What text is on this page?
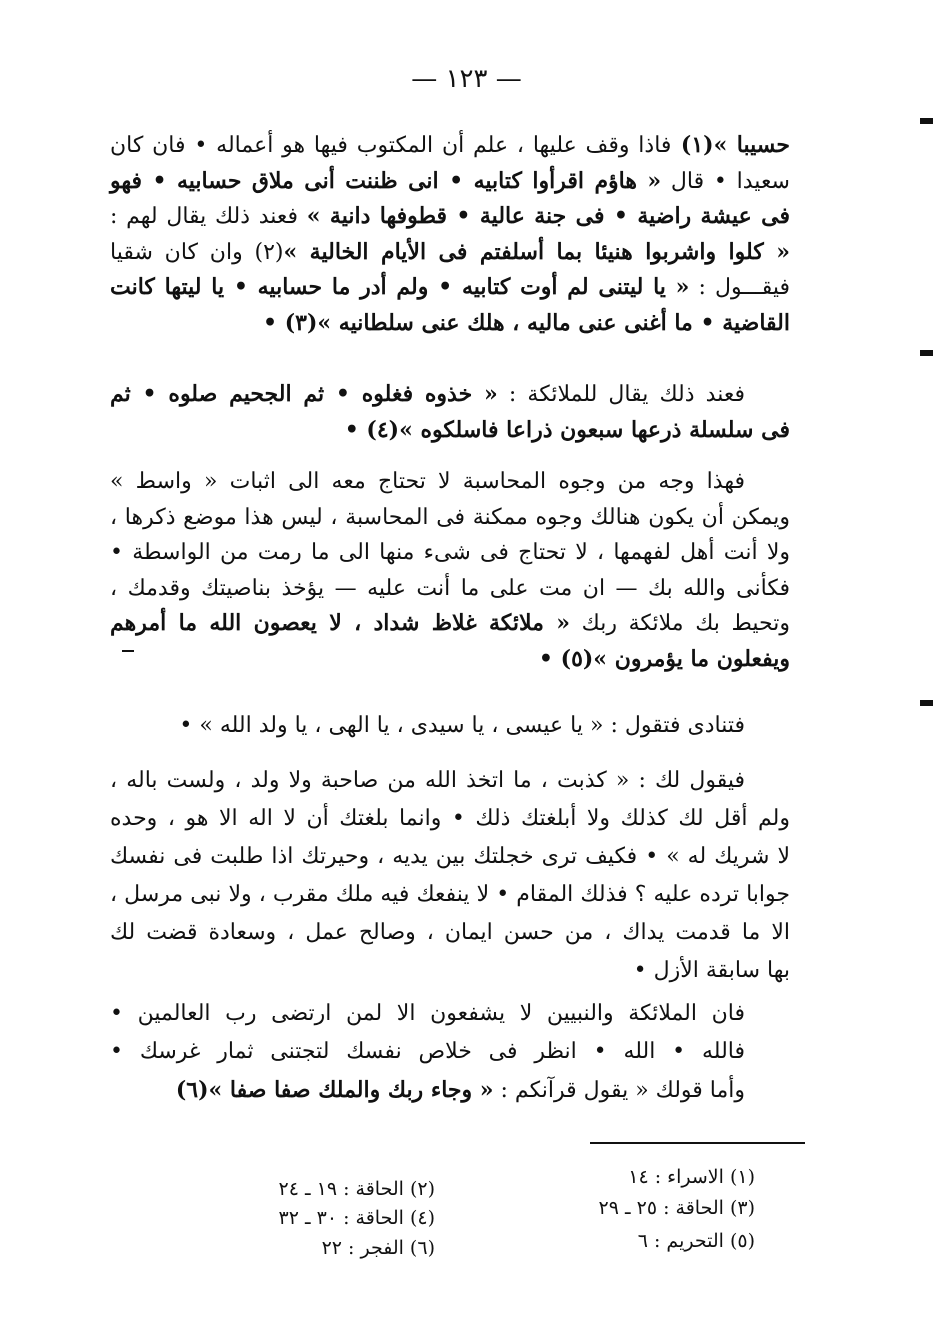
— ١٢٣ —
حسيبا »(١) فاذا وقف عليها ، علم أن المكتوب فيها هو أعماله • فان كان
سعيدا • قال « هاؤم اقرأوا كتابيه • انى ظننت أنى ملاق حسابيه • فهو
فى عيشة راضية • فى جنة عالية • قطوفها دانية » فعند ذلك يقال لهم :
« كلوا واشربوا هنيئا بما أسلفتم فى الأيام الخالية »(٢) وان كان شقيا
فيقـــول : « يا ليتنى لم أوت كتابيه • ولم أدر ما حسابيه • يا ليتها كانت
القاضية • ما أغنى عنى ماليه ، هلك عنى سلطانيه »(٣) •
فعند ذلك يقال للملائكة : « خذوه فغلوه • ثم الجحيم صلوه • ثم
فى سلسلة ذرعها سبعون ذراعا فاسلكوه »(٤) •
فهذا وجه من وجوه المحاسبة لا تحتاج معه الى اثبات « واسط »
ويمكن أن يكون هنالك وجوه ممكنة فى المحاسبة ، ليس هذا موضع ذكرها ،
ولا أنت أهل لفهمها ، لا تحتاج فى شىء منها الى ما رمت من الواسطة •
فكأنى والله بك — ان مت على ما أنت عليه — يؤخذ بناصيتك وقدمك ،
وتحيط بك ملائكة ربك « ملائكة غلاظ شداد ، لا يعصون الله ما أمرهم
ويفعلون ما يؤمرون »(٥) •
فتنادى فتقول : « يا عيسى ، يا سيدى ، يا الهى ، يا ولد الله » •
فيقول لك : « كذبت ، ما اتخذ الله من صاحبة ولا ولد ، ولست باله ،
ولم أقل لك كذلك ولا أبلغتك ذلك • وانما بلغتك أن لا اله الا هو ، وحده
لا شريك له » • فكيف ترى خجلتك بين يديه ، وحيرتك اذا طلبت فى نفسك
جوابا ترده عليه ؟ فذلك المقام • لا ينفعك فيه ملك مقرب ، ولا نبى مرسل ،
الا ما قدمت يداك ، من حسن ايمان ، وصالح عمل ، وسعادة قضت لك
بها سابقة الأزل •
فان الملائكة والنبيين لا يشفعون الا لمن ارتضى رب العالمين •
فالله • الله • انظر فى خلاص نفسك لتجتنى ثمار غرسك •
وأما قولك « يقول قرآنكم : « وجاء ربك والملك صفا صفا »(٦)
(١) الاسراء : ١٤
(٢) الحاقة : ١٩ ـ ٢٤
(٣) الحاقة : ٢٥ ـ ٢٩
(٤) الحاقة : ٣٠ ـ ٣٢
(٥) التحريم : ٦
(٦) الفجر : ٢٢
